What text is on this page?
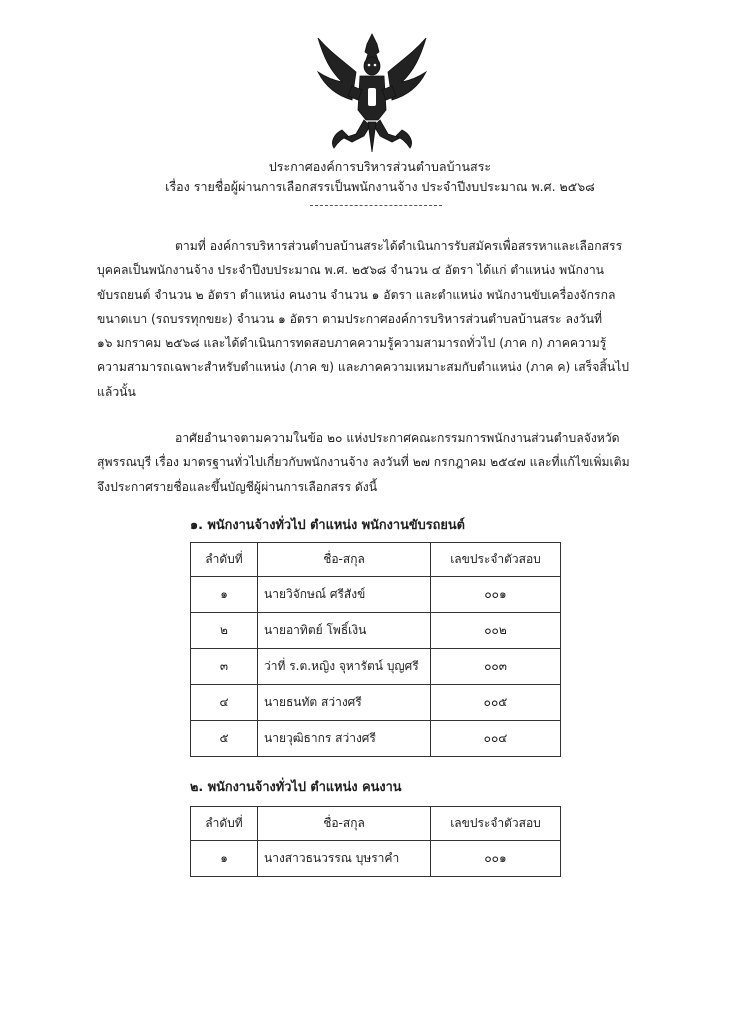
ประกาศองค์การบริหารส่วนตำบลบ้านสระ
เรื่อง รายชื่อผู้ผ่านการเลือกสรรเป็นพนักงานจ้าง ประจำปีงบประมาณ พ.ศ. ๒๕๖๘
ตามที่ องค์การบริหารส่วนตำบลบ้านสระได้ดำเนินการรับสมัครเพื่อสรรหาและเลือกสรร
บุคคลเป็นพนักงานจ้าง ประจำปีงบประมาณ พ.ศ. ๒๕๖๘ จำนวน ๔ อัตรา ได้แก่ ตำแหน่ง พนักงาน
ขับรถยนต์ จำนวน ๒ อัตรา ตำแหน่ง คนงาน จำนวน ๑ อัตรา และตำแหน่ง พนักงานขับเครื่องจักรกล
ขนาดเบา (รถบรรทุกขยะ) จำนวน ๑ อัตรา ตามประกาศองค์การบริหารส่วนตำบลบ้านสระ ลงวันที่
๑๖ มกราคม ๒๕๖๘ และได้ดำเนินการทดสอบภาคความรู้ความสามารถทั่วไป (ภาค ก) ภาคความรู้
ความสามารถเฉพาะสำหรับตำแหน่ง (ภาค ข) และภาคความเหมาะสมกับตำแหน่ง (ภาค ค) เสร็จสิ้นไป
แล้วนั้น
อาศัยอำนาจตามความในข้อ ๒๐ แห่งประกาศคณะกรรมการพนักงานส่วนตำบลจังหวัด
สุพรรณบุรี เรื่อง มาตรฐานทั่วไปเกี่ยวกับพนักงานจ้าง ลงวันที่ ๒๗ กรกฎาคม ๒๕๔๗ และที่แก้ไขเพิ่มเติม
จึงประกาศรายชื่อและขึ้นบัญชีผู้ผ่านการเลือกสรร ดังนี้
๑. พนักงานจ้างทั่วไป ตำแหน่ง พนักงานขับรถยนต์
ลำดับที่	ชื่อ-สกุล	เลขประจำตัวสอบ
๑	นายวิจักษณ์ ศรีสังข์	๐๐๑
๒	นายอาทิตย์ โพธิ์เงิน	๐๐๒
๓	ว่าที่ ร.ต.หญิง จุหารัตน์ บุญศรี	๐๐๓
๔	นายธนทัต สว่างศรี	๐๐๕
๕	นายวุฒิธากร สว่างศรี	๐๐๔
๒. พนักงานจ้างทั่วไป ตำแหน่ง คนงาน
ลำดับที่	ชื่อ-สกุล	เลขประจำตัวสอบ
๑	นางสาวธนวรรณ บุษราคำ	๐๐๑
